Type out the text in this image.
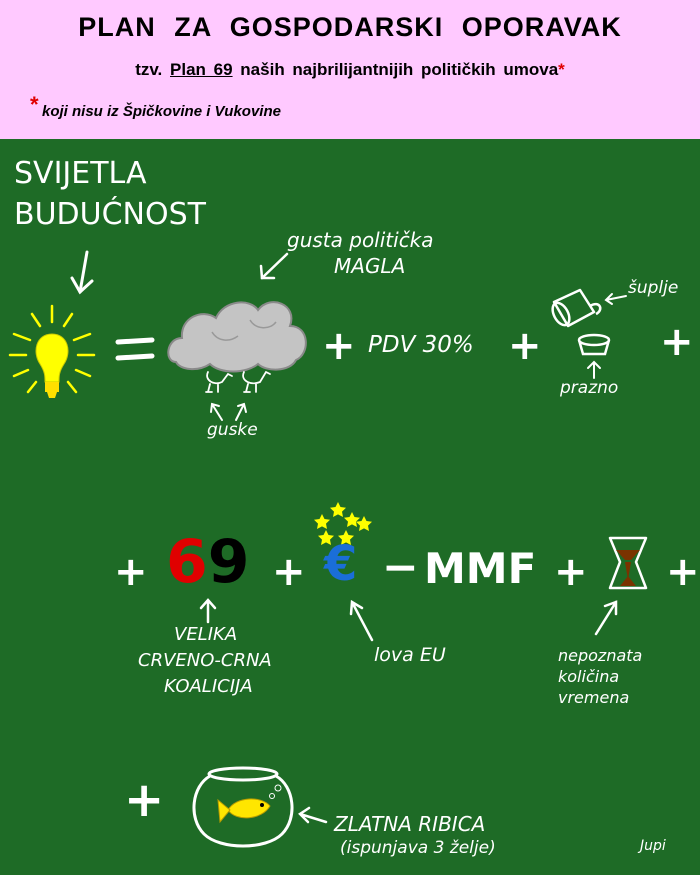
PLAN ZA GOSPODARSKI OPORAVAK
tzv. Plan 69 naših najbrilijantnijih političkih umova*
* koji nisu iz Špičkovine i Vukovine
SVIJETLA
BUDUĆNOST
gusta politička
MAGLA
guske
+ PDV 30% +
šuplje
prazno
+
+ 69 + € − MMF + +
VELIKA
CRVENO-CRNA
KOALICIJA
lova EU	nepoznata
količina
vremena
+	ZLATNA RIBICA
(ispunjava 3 želje)	Jupi
